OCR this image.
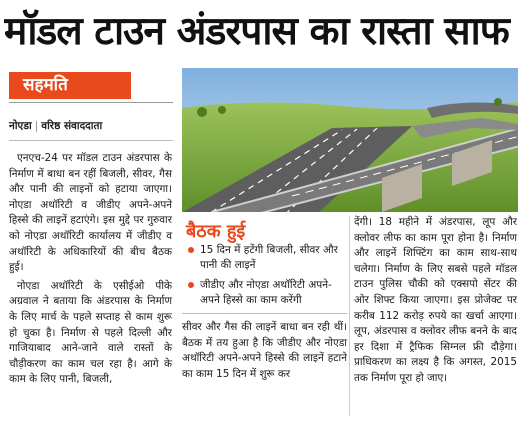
मॉडल टाउन अंडरपास का रास्ता साफ
सहमति
नोएडा | वरिष्ठ संवाददाता

एनएच-24 पर मॉडल टाउन अंडरपास के निर्माण में बाधा बन रहीं बिजली, सीवर, गैस और पानी की लाइनों को हटाया जाएगा। नोएडा अथॉरिटी व जीडीए अपने-अपने हिस्से की लाइनें हटाएंगे। इस मुद्दे पर गुरुवार को नोएडा अथॉरिटी कार्यालय में जीडीए व अथॉरिटी के अधिकारियों की बीच बैठक हुई।

नोएडा अथॉरिटी के एसीईओ पीके अग्रवाल ने बताया कि अंडरपास के निर्माण के लिए मार्च के पहले सप्ताह से काम शुरू हो चुका है। निर्माण से पहले दिल्ली और गाजियाबाद आने-जाने वाले रास्तों के चौड़ीकरण का काम चल रहा है। आगे के काम के लिए पानी, बिजली,

बैठक हुई
15 दिन में हटेंगी बिजली, सीवर और पानी की लाइनें
जीडीए और नोएडा अथॉरिटी अपने-अपने हिस्से का काम करेंगी

सीवर और गैस की लाइनें बाधा बन रही थीं। बैठक में तय हुआ है कि जीडीए और नोएडा अथॉरिटी अपने-अपने हिस्से की लाइनें हटाने का काम 15 दिन में शुरू कर

देंगी। 18 महीने में अंडरपास, लूप और क्लोवर लीफ का काम पूरा होना है। निर्माण और लाइनें शिफ्टिंग का काम साथ-साथ चलेगा। निर्माण के लिए सबसे पहले मॉडल टाउन पुलिस चौकी को एक्सपो सेंटर की ओर शिफ्ट किया जाएगा। इस प्रोजेक्ट पर करीब 112 करोड़ रुपये का खर्चा आएगा। लूप, अंडरपास व क्लोवर लीफ बनने के बाद हर दिशा में ट्रैफिक सिग्नल फ्री दौड़ेगा। प्राधिकरण का लक्ष्य है कि अगस्त, 2015 तक निर्माण पूरा हो जाए।
